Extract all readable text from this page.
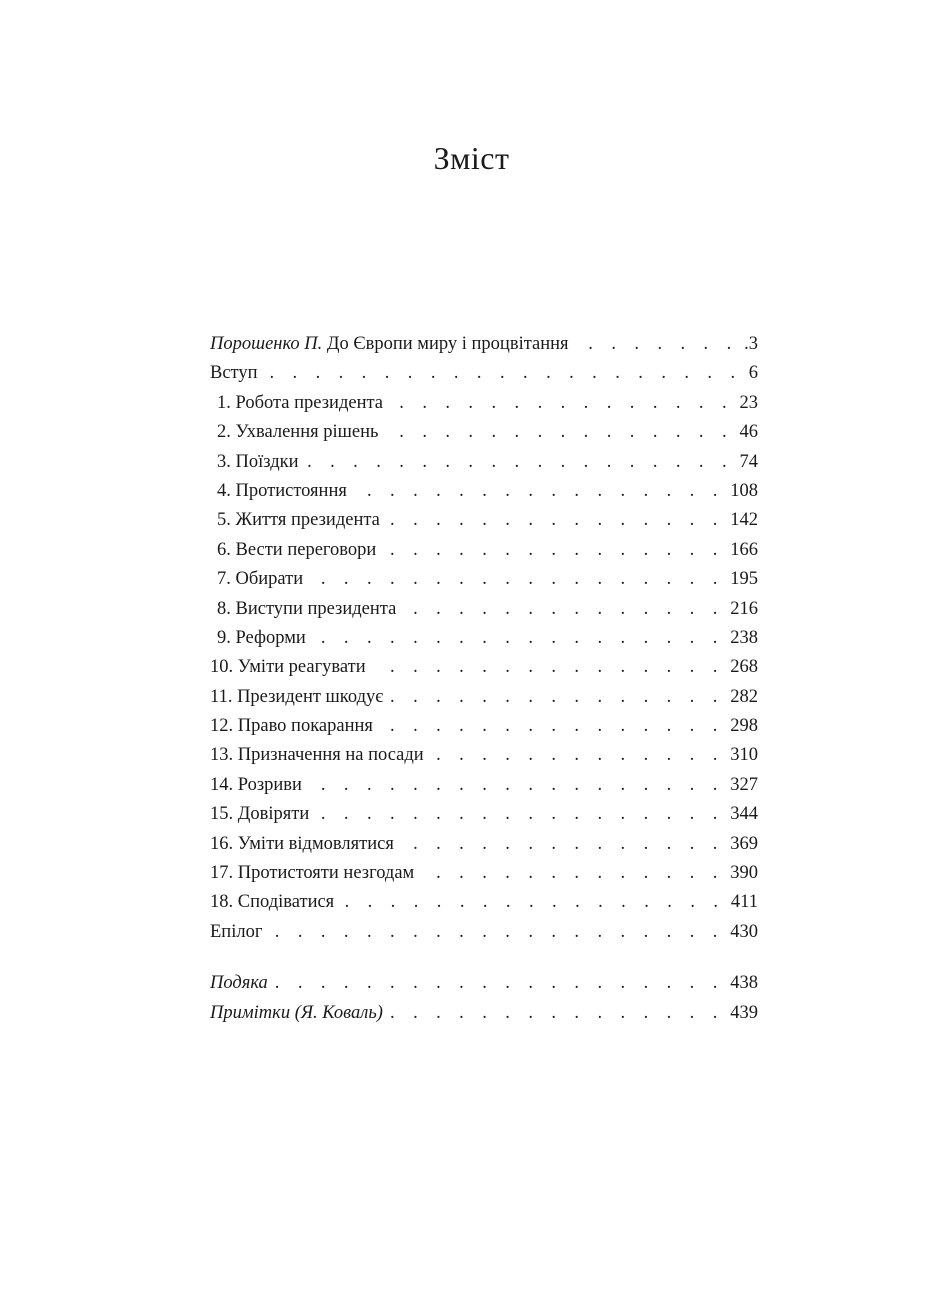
Зміст
Порошенко П. До Європи миру і процвітання . . .	.3
Вступ . . .	6
1. Робота президента . . .	23
2. Ухвалення рішень . . .	46
3. Поїздки . . .	74
4. Протистояння . . .	108
5. Життя президента . . .	142
6. Вести переговори . . .	166
7. Обирати . . .	195
8. Виступи президента . . .	216
9. Реформи . . .	238
10. Уміти реагувати . . .	268
11. Президент шкодує . . .	282
12. Право покарання . . .	298
13. Призначення на посади . . .	310
14. Розриви . . .	327
15. Довіряти . . .	344
16. Уміти відмовлятися . . .	369
17. Протистояти незгодам . . .	390
18. Сподіватися . . .	411
Епілог . . .	430
Подяка . . .	438
Примітки (Я. Коваль) . . .	439
